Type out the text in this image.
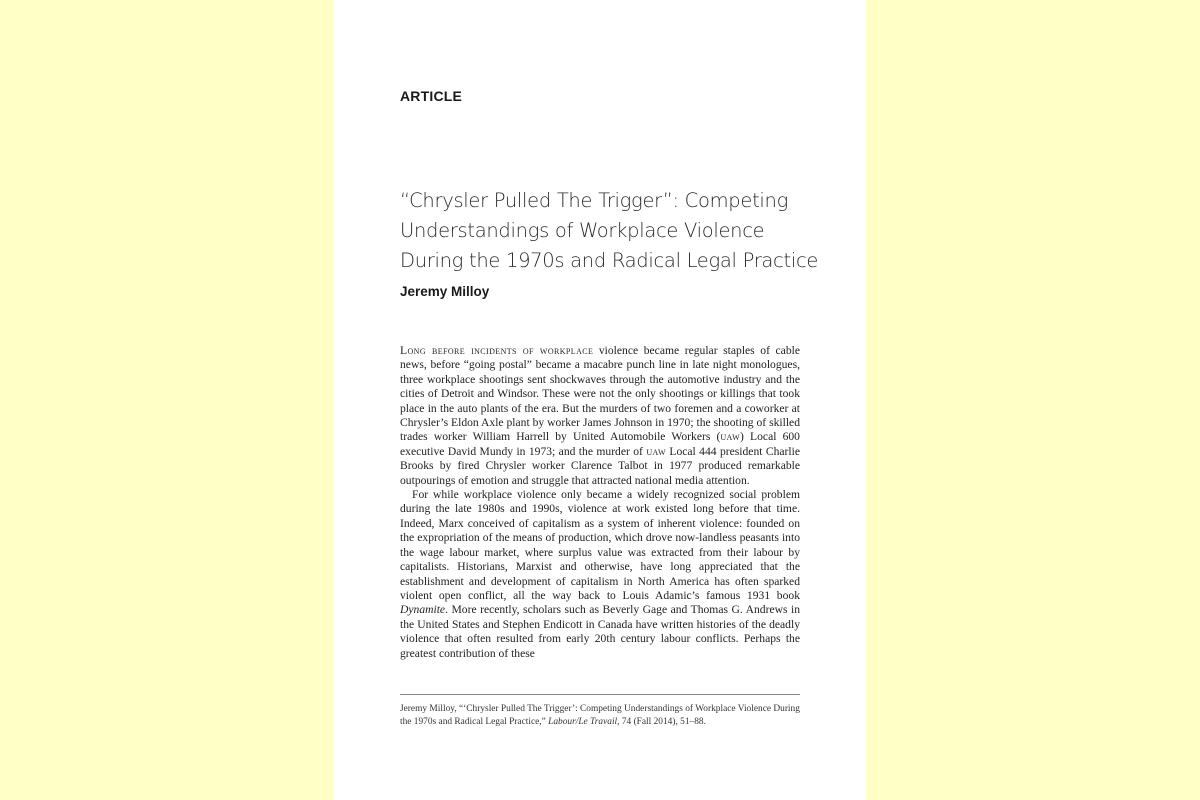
ARTICLE
“Chrysler Pulled The Trigger”: Competing Understandings of Workplace Violence During the 1970s and Radical Legal Practice

Jeremy Milloy

Long before incidents of workplace violence became regular staples of cable news, before “going postal” became a macabre punch line in late night monologues, three workplace shootings sent shockwaves through the automotive industry and the cities of Detroit and Windsor. These were not the only shootings or killings that took place in the auto plants of the era. But the murders of two foremen and a coworker at Chrysler’s Eldon Axle plant by worker James Johnson in 1970; the shooting of skilled trades worker William Harrell by United Automobile Workers (uaw) Local 600 executive David Mundy in 1973; and the murder of uaw Local 444 president Charlie Brooks by fired Chrysler worker Clarence Talbot in 1977 produced remarkable outpourings of emotion and struggle that attracted national media attention.

For while workplace violence only became a widely recognized social problem during the late 1980s and 1990s, violence at work existed long before that time. Indeed, Marx conceived of capitalism as a system of inherent violence: founded on the expropriation of the means of production, which drove now-landless peasants into the wage labour market, where surplus value was extracted from their labour by capitalists. Historians, Marxist and otherwise, have long appreciated that the establishment and development of capitalism in North America has often sparked violent open conflict, all the way back to Louis Adamic’s famous 1931 book Dynamite. More recently, scholars such as Beverly Gage and Thomas G. Andrews in the United States and Stephen Endicott in Canada have written histories of the deadly violence that often resulted from early 20th century labour conflicts. Perhaps the greatest contribution of these

Jeremy Milloy, “‘Chrysler Pulled The Trigger’: Competing Understandings of Workplace Violence During the 1970s and Radical Legal Practice,” Labour/Le Travail, 74 (Fall 2014), 51–88.
